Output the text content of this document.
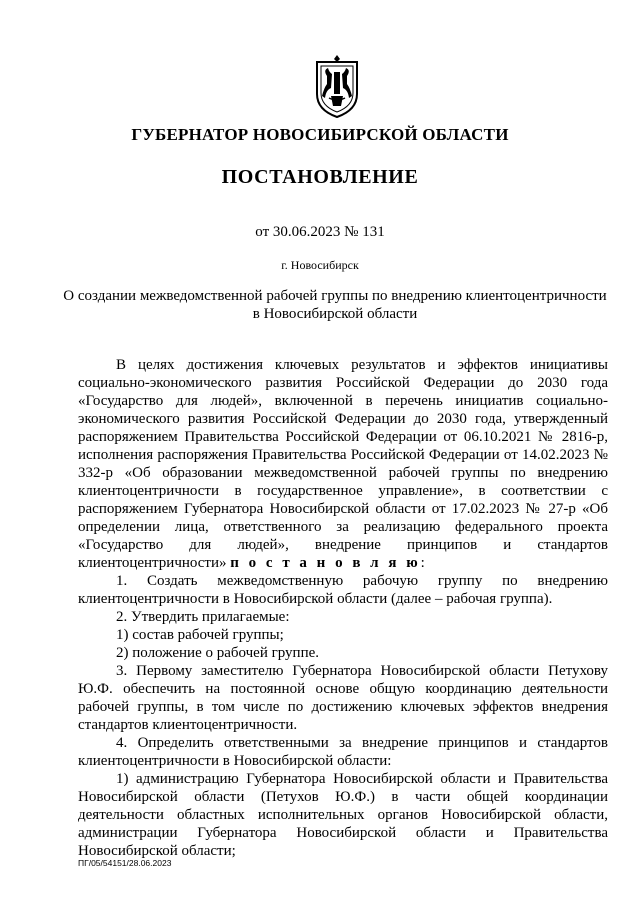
ГУБЕРНАТОР НОВОСИБИРСКОЙ ОБЛАСТИ
ПОСТАНОВЛЕНИЕ
от 30.06.2023 № 131
г. Новосибирск
О создании межведомственной рабочей группы по внедрению клиентоцентричности в Новосибирской области

В целях достижения ключевых результатов и эффектов инициативы социально-экономического развития Российской Федерации до 2030 года «Государство для людей», включенной в перечень инициатив социально-экономического развития Российской Федерации до 2030 года, утвержденный распоряжением Правительства Российской Федерации от 06.10.2021 № 2816-р, исполнения распоряжения Правительства Российской Федерации от 14.02.2023 № 332-р «Об образовании межведомственной рабочей группы по внедрению клиентоцентричности в государственное управление», в соответствии с распоряжением Губернатора Новосибирской области от 17.02.2023 № 27-р «Об определении лица, ответственного за реализацию федерального проекта «Государство для людей», внедрение принципов и стандартов клиентоцентричности» п о с т а н о в л я ю:

1. Создать межведомственную рабочую группу по внедрению клиентоцентричности в Новосибирской области (далее – рабочая группа).

2. Утвердить прилагаемые:

1) состав рабочей группы;

2) положение о рабочей группе.

3. Первому заместителю Губернатора Новосибирской области Петухову Ю.Ф. обеспечить на постоянной основе общую координацию деятельности рабочей группы, в том числе по достижению ключевых эффектов внедрения стандартов клиентоцентричности.

4. Определить ответственными за внедрение принципов и стандартов клиентоцентричности в Новосибирской области:

1) администрацию Губернатора Новосибирской области и Правительства Новосибирской области (Петухов Ю.Ф.) в части общей координации деятельности областных исполнительных органов Новосибирской области, администрации Губернатора Новосибирской области и Правительства Новосибирской области;

ПГ/05/54151/28.06.2023
